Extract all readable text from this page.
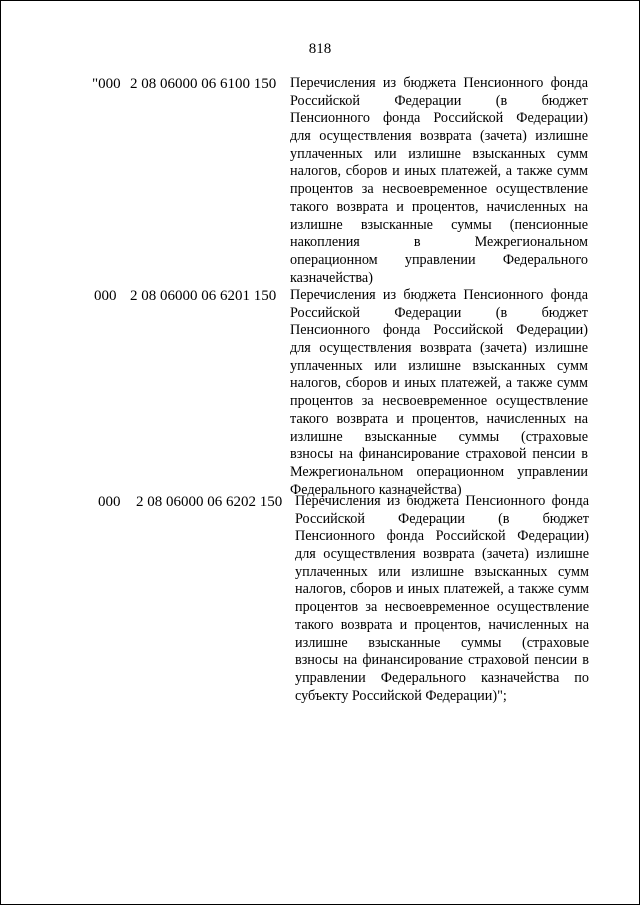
818
"000 2 08 06000 06 6100 150 Перечисления из бюджета Пенсионного фонда
Российской Федерации (в бюджет
Пенсионного фонда Российской Федерации)
для осуществления возврата (зачета) излишне
уплаченных или излишне взысканных сумм
налогов, сборов и иных платежей, а также сумм
процентов за несвоевременное осуществление
такого возврата и процентов, начисленных на
излишне взысканные суммы (пенсионные
накопления в Межрегиональном
операционном управлении Федерального
казначейства)
000 2 08 06000 06 6201 150 Перечисления из бюджета Пенсионного фонда
Российской Федерации (в бюджет
Пенсионного фонда Российской Федерации)
для осуществления возврата (зачета) излишне
уплаченных или излишне взысканных сумм
налогов, сборов и иных платежей, а также сумм
процентов за несвоевременное осуществление
такого возврата и процентов, начисленных на
излишне взысканные суммы (страховые
взносы на финансирование страховой пенсии в
Межрегиональном операционном управлении
Федерального казначейства)
000 2 08 06000 06 6202 150 Перечисления из бюджета Пенсионного фонда
Российской Федерации (в бюджет
Пенсионного фонда Российской Федерации)
для осуществления возврата (зачета) излишне
уплаченных или излишне взысканных сумм
налогов, сборов и иных платежей, а также сумм
процентов за несвоевременное осуществление
такого возврата и процентов, начисленных на
излишне взысканные суммы (страховые
взносы на финансирование страховой пенсии в
управлении Федерального казначейства по
субъекту Российской Федерации)";
